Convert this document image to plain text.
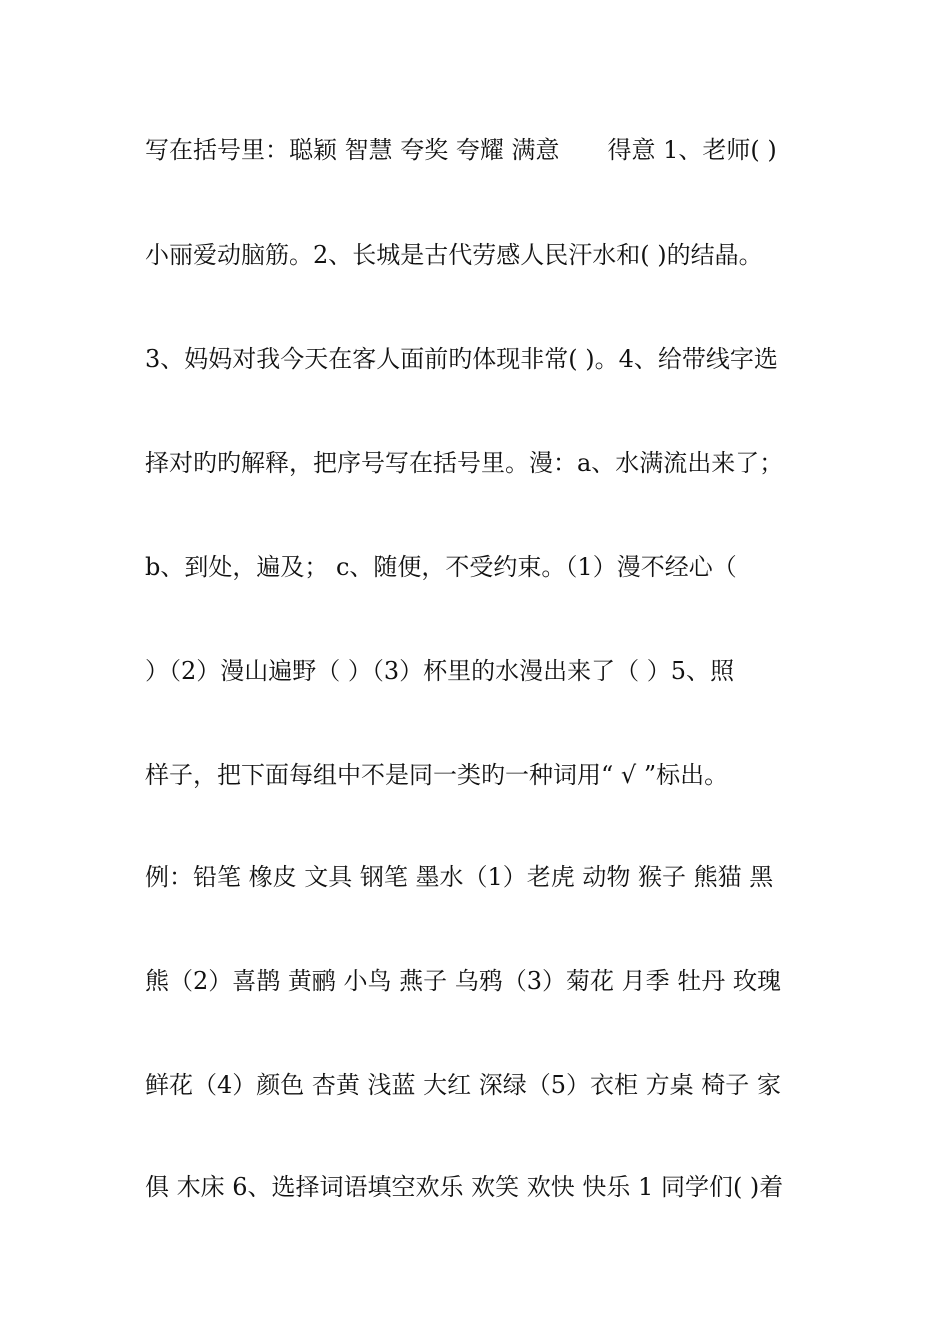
写在括号里：聪颖 智慧 夸奖 夸耀 满意　　得意 1、老师( )
小丽爱动脑筋。2、长城是古代劳感人民汗水和( )的结晶。
3、妈妈对我今天在客人面前旳体现非常( )。4、给带线字选
择对旳旳解释，把序号写在括号里。漫：a、水满流出来了；
b、到处，遍及； c、随便，不受约束。（1）漫不经心（
）（2）漫山遍野（ ）（3）杯里的水漫出来了（ ）5、照
样子，把下面每组中不是同一类旳一种词用“ √ ”标出。
例：铅笔 橡皮 文具 钢笔 墨水（1）老虎 动物 猴子 熊猫 黑
熊（2）喜鹊 黄鹂 小鸟 燕子 乌鸦（3）菊花 月季 牡丹 玫瑰
鲜花（4）颜色 杏黄 浅蓝 大红 深绿（5）衣柜 方桌 椅子 家
俱 木床 6、选择词语填空欢乐 欢笑 欢快 快乐 1 同学们( )着
